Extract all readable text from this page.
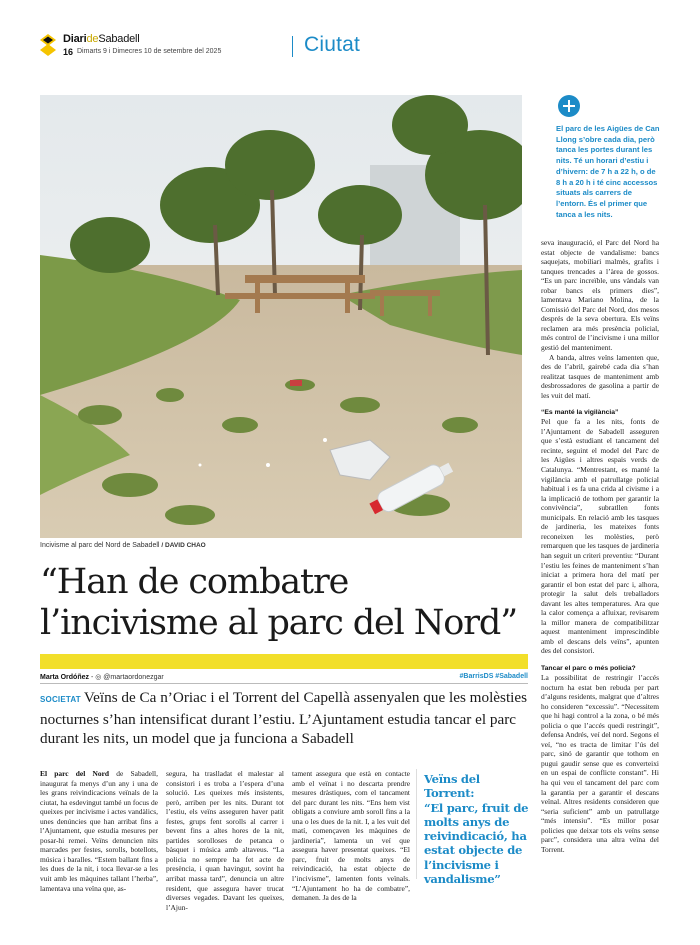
DiarideSabadell
16 Dimarts 9 i Dimecres 10 de setembre del 2025	Ciutat
Incivisme al parc del Nord de Sabadell / DAVID CHAO
El parc de les Aigües de Can Llong s’obre cada dia, però tanca les portes durant les nits. Té un horari d’estiu i d’hivern: de 7 h a 22 h, o de 8 h a 20 h i té cinc accessos situats als carrers de l’entorn. És el primer que tanca a les nits.
“Han de combatre
l’incivisme al parc del Nord”
Marta Ordóñez - ◎ @martaordonezgar	#BarrisDS #Sabadell
SOCIETAT Veïns de Ca n’Oriac i el Torrent del Capellà assenyalen que les molèsties nocturnes s’han intensificat durant l’estiu. L’Ajuntament estudia tancar el parc durant les nits, un model que ja funciona a Sabadell
El parc del Nord de Sabadell, inaugurat fa menys d’un any i una de les grans reivindicacions veïnals de la ciutat, ha esdevingut també un focus de queixes per incivisme i actes vandàlics, unes denúncies que han arribat fins a l’Ajuntament, que estudia mesures per posar-hi remei. Veïns denuncien nits marcades per festes, sorolls, botellots, música i baralles. “Estem ballant fins a les dues de la nit, i toca llevar-se a les vuit amb les màquines tallant l’herba”, lamentava una veïna que, as-
segura, ha traslladat el malestar al consistori i es troba a l’espera d’una solució. Les queixes més insistents, però, arriben per les nits. Durant tot l’estiu, els veïns asseguren haver patit festes, grups fent sorolls al carrer i bevent fins a altes hores de la nit, partides sorolloses de petanca o bàsquet i música amb altaveus. “La policia no sempre ha fet acte de presència, i quan havingut, sovint ha arribat massa tard”, denuncia un altre resident, que assegura haver trucat diverses vegades. Davant les queixes, l’Ajun-
tament assegura que està en contacte amb el veïnat i no descarta prendre mesures dràstiques, com el tancament del parc durant les nits. “Ens hem vist obligats a conviure amb soroll fins a la una o les dues de la nit. I, a les vuit del matí, començaven les màquines de jardineria”, lamenta un veí que assegura haver presentat queixes. “El parc, fruit de molts anys de reivindicació, ha estat objecte de l’incivisme”, lamenten fonts veïnals. “L’Ajuntament ho ha de combatre”, demanen. Ja des de la
Veïns del Torrent:
“El parc, fruit de molts anys de reivindicació, ha estat objecte de l’incivisme i vandalisme”
seva inauguració, el Parc del Nord ha estat objecte de vandalisme: bancs saquejats, mobiliari malmès, grafits i tanques trencades a l’àrea de gossos. “Es un parc increïble, uns vàndals van robar bancs els primers dies”, lamentava Mariano Molina, de la Comissió del Parc del Nord, dos mesos després de la seva obertura. Els veïns reclamen ara més presència policial, més control de l’incivisme i una millor gestió del manteniment.
A banda, altres veïns lamenten que, des de l’abril, gairebé cada dia s’han realitzat tasques de manteniment amb desbrossadores de gasolina a partir de les vuit del matí.
“Es manté la vigilància”
Pel que fa a les nits, fonts de l’Ajuntament de Sabadell asseguren que s’està estudiant el tancament del recinte, seguint el model del Parc de les Aigües i altres espais verds de Catalunya. “Mentrestant, es manté la vigilància amb el patrullatge policial habitual i es fa una crida al civisme i a la implicació de tothom per garantir la convivència”, subratllen fonts municipals. En relació amb les tasques de jardineria, les mateixes fonts reconeixen les molèsties, però remarquen que les tasques de jardineria han seguit un criteri preventiu: “Durant l’estiu les feines de manteniment s’han iniciat a primera hora del matí per garantir el bon estat del parc i, alhora, protegir la salut dels treballadors davant les altes temperatures. Ara que la calor comença a afluixar, revisarem la millor manera de compatibilitzar aquest manteniment imprescindible amb el descans dels veïns”, apunten des del consistori.
Tancar el parc o més policia?
La possibilitat de restringir l’accés nocturn ha estat ben rebuda per part d’alguns residents, malgrat que d’altres ho consideren “excessiu”. “Necessitem que hi hagi control a la zona, o bé més policia o que l’accés quedi restringit”, defensa Andrés, veí del nord. Segons el veí, “no es tracta de limitar l’ús del parc, sinó de garantir que tothom en pugui gaudir sense que es converteixi en un espai de conflicte constant”. Hi ha qui veu el tancament del parc com la garantia per a garantir el descans veïnal. Altres residents consideren que “seria suficient” amb un patrullatge “més intensiu”. “Es millor posar policies que deixar tots els veïns sense parc”, considera una altra veïna del Torrent.
